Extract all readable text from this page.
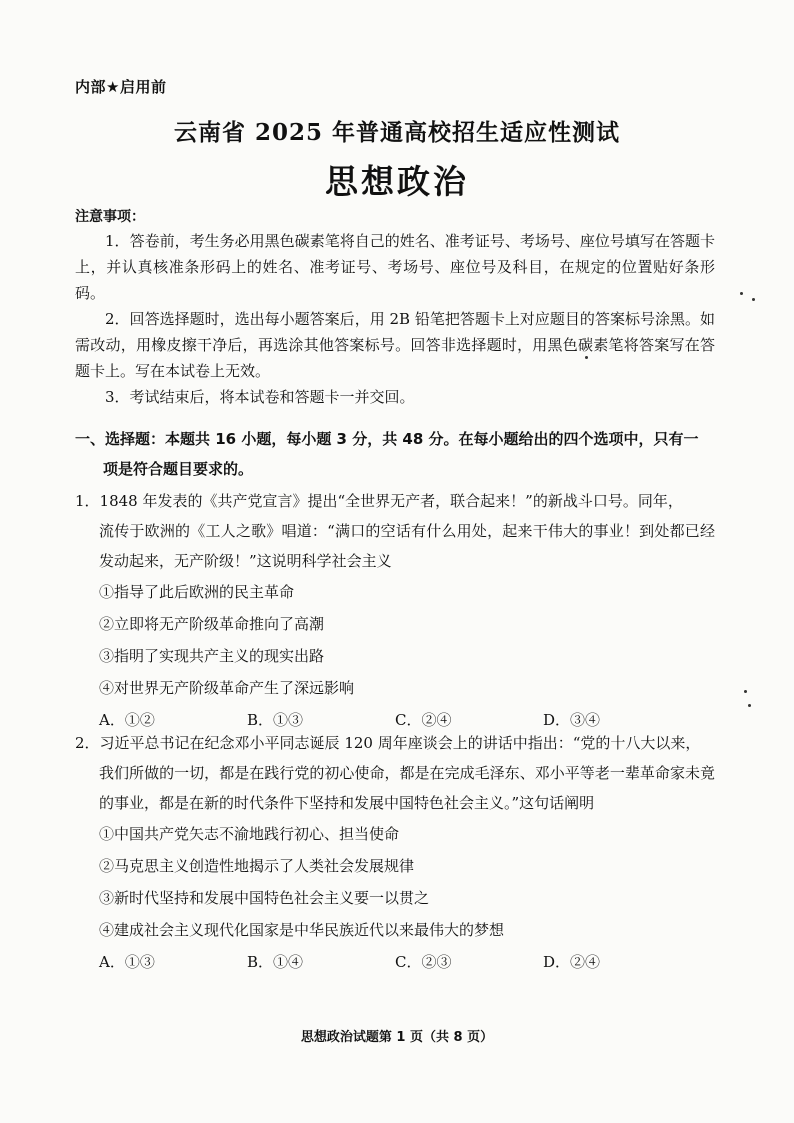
内部★启用前
云南省 2025 年普通高校招生适应性测试
思想政治
注意事项：

1．答卷前，考生务必用黑色碳素笔将自己的姓名、准考证号、考场号、座位号填写在答题卡上，并认真核准条形码上的姓名、准考证号、考场号、座位号及科目，在规定的位置贴好条形码。

2．回答选择题时，选出每小题答案后，用 2B 铅笔把答题卡上对应题目的答案标号涂黑。如需改动，用橡皮擦干净后，再选涂其他答案标号。回答非选择题时，用黑色碳素笔将答案写在答题卡上。写在本试卷上无效。

3．考试结束后，将本试卷和答题卡一并交回。

一、选择题：本题共 16 小题，每小题 3 分，共 48 分。在每小题给出的四个选项中，只有一
项是符合题目要求的。
1．1848 年发表的《共产党宣言》提出“全世界无产者，联合起来！”的新战斗口号。同年，
流传于欧洲的《工人之歌》唱道：“满口的空话有什么用处，起来干伟大的事业！到处都已经发动起来，无产阶级！”这说明科学社会主义
①指导了此后欧洲的民主革命
②立即将无产阶级革命推向了高潮
③指明了实现共产主义的现实出路
④对世界无产阶级革命产生了深远影响
A．①②	B．①③	C．②④	D．③④
2．习近平总书记在纪念邓小平同志诞辰 120 周年座谈会上的讲话中指出：“党的十八大以来，
我们所做的一切，都是在践行党的初心使命，都是在完成毛泽东、邓小平等老一辈革命家未竟的事业，都是在新的时代条件下坚持和发展中国特色社会主义。”这句话阐明
①中国共产党矢志不渝地践行初心、担当使命
②马克思主义创造性地揭示了人类社会发展规律
③新时代坚持和发展中国特色社会主义要一以贯之
④建成社会主义现代化国家是中华民族近代以来最伟大的梦想
A．①③	B．①④	C．②③	D．②④
思想政治试题第 1 页（共 8 页）
